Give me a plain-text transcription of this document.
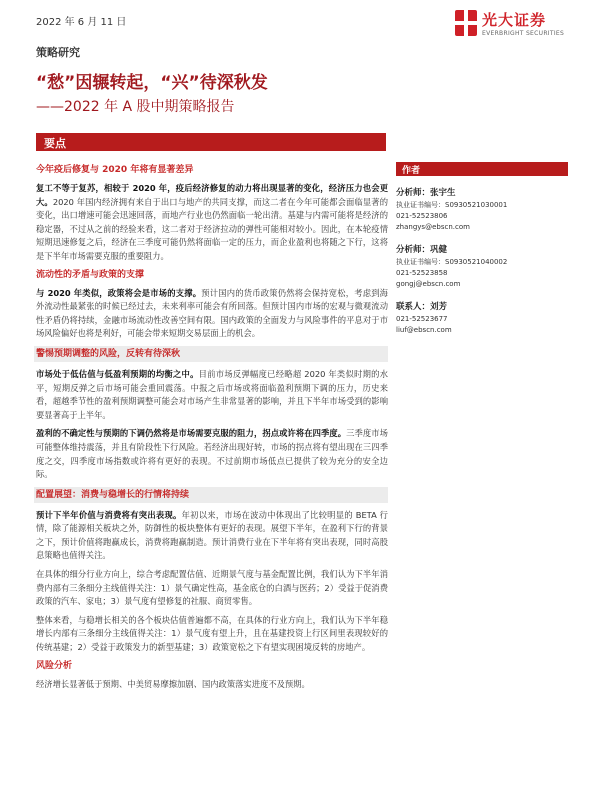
2022 年 6 月 11 日	光大证券
EVERBRIGHT SECURITIES
策略研究
“愁”因辗转起，“兴”待深秋发
——2022 年 A 股中期策略报告
要点
今年疫后修复与 2020 年将有显著差异

复工不等于复苏，相较于 2020 年，疫后经济修复的动力将出现显著的变化，经济压力也会更大。2020 年国内经济拥有来自于出口与地产的共同支撑，而这二者在今年可能都会面临显著的变化，出口增速可能会迅速回落，而地产行业也仍然面临一轮出清。基建与内需可能将是经济的稳定器，不过从之前的经验来看，这二者对于经济拉动的弹性可能相对较小。因此，在本轮疫情短期迅速修复之后，经济在三季度可能仍然将面临一定的压力，而企业盈利也将随之下行，这将是下半年市场需要克服的重要阻力。

流动性的矛盾与政策的支撑

与 2020 年类似，政策将会是市场的支撑。预计国内的货币政策仍然将会保持宽松，考虑到海外流动性最紧张的时候已经过去，未来利率可能会有所回落。但预计国内市场的宏观与微观流动性矛盾仍将持续，金融市场流动性改善空间有限。国内政策的全面发力与风险事件的平息对于市场风险偏好也将是利好，可能会带来短期交易层面上的机会。

警惕预期调整的风险，反转有待深秋

市场处于低估值与低盈利预期的均衡之中。目前市场反弹幅度已经略超 2020 年类似时期的水平，短期反弹之后市场可能会重回震荡。中报之后市场或将面临盈利预期下调的压力，历史来看，超越季节性的盈利预期调整可能会对市场产生非常显著的影响，并且下半年市场受到的影响要显著高于上半年。

盈利的不确定性与预期的下调仍然将是市场需要克服的阻力，拐点或许将在四季度。三季度市场可能整体维持震荡，并且有阶段性下行风险。若经济出现好转，市场的拐点将有望出现在三四季度之交，四季度市场指数或许将有更好的表现。不过前期市场低点已提供了较为充分的安全边际。

配置展望：消费与稳增长的行情将持续

预计下半年价值与消费将有突出表现。年初以来，市场在波动中体现出了比较明显的 BETA 行情，除了能源相关板块之外，防御性的板块整体有更好的表现。展望下半年，在盈利下行的背景之下，预计价值将跑赢成长，消费将跑赢制造。预计消费行业在下半年将有突出表现，同时高股息策略也值得关注。

在具体的细分行业方向上，综合考虑配置估值、近期景气度与基金配置比例，我们认为下半年消费内部有三条细分主线值得关注：1）景气确定性高，基金底仓的白酒与医药；2）受益于促消费政策的汽车、家电；3）景气度有望修复的社服、商贸零售。

整体来看，与稳增长相关的各个板块估值普遍都不高，在具体的行业方向上，我们认为下半年稳增长内部有三条细分主线值得关注：1）景气度有望上升，且在基建投资上行区间里表现较好的传统基建；2）受益于政策发力的新型基建；3）政策宽松之下有望实现困境反转的房地产。

风险分析

经济增长显著低于预期、中美贸易摩擦加剧、国内政策落实进度不及预期。

作者
分析师：张宇生
执业证书编号：S0930521030001
021-52523806
zhangys@ebscn.com
分析师：巩健
执业证书编号：S0930521040002
021-52523858
gongj@ebscn.com
联系人：刘芳
021-52523677
liuf@ebscn.com
